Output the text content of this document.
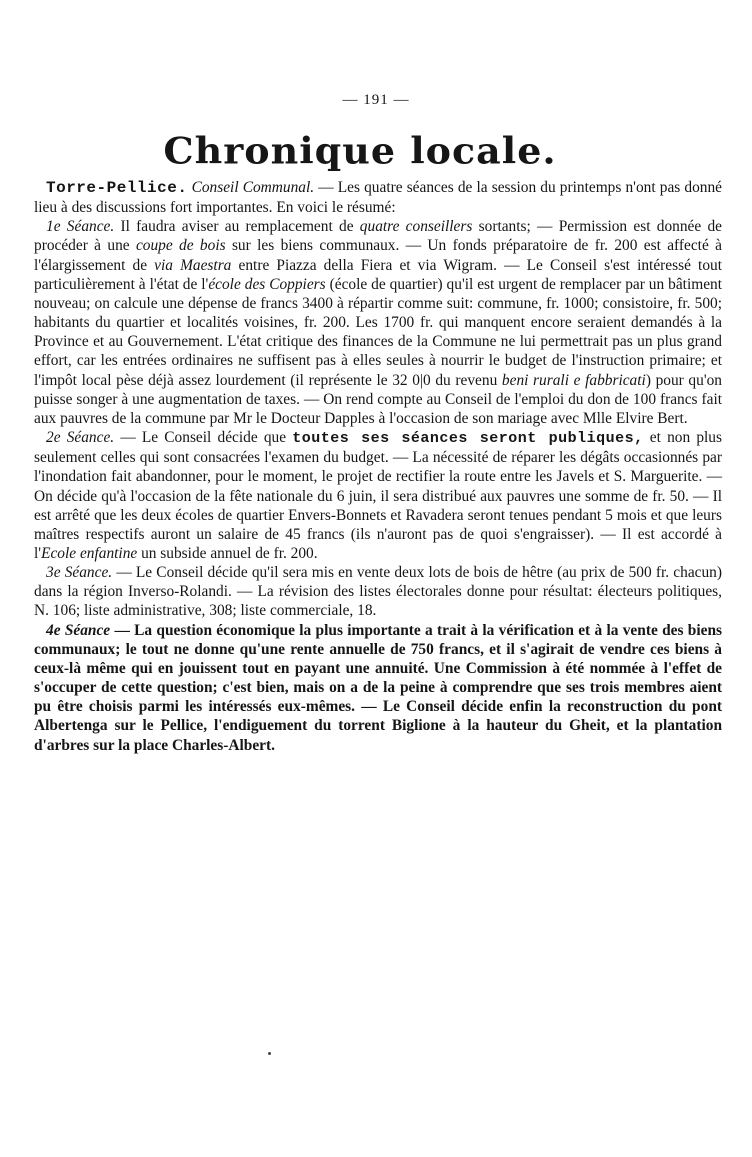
— 191 —
Chronique locale.

Torre-Pellice. Conseil Communal. — Les quatre séances de la session du printemps n'ont pas donné lieu à des discussions fort importantes. En voici le résumé:

1e Séance. Il faudra aviser au remplacement de quatre conseillers sortants; — Permission est donnée de procéder à une coupe de bois sur les biens communaux. — Un fonds préparatoire de fr. 200 est affecté à l'élargissement de via Maestra entre Piazza della Fiera et via Wigram. — Le Conseil s'est intéressé tout particulièrement à l'état de l'école des Coppiers (école de quartier) qu'il est urgent de remplacer par un bâtiment nouveau; on calcule une dépense de francs 3400 à répartir comme suit: commune, fr. 1000; consistoire, fr. 500; habitants du quartier et localités voisines, fr. 200. Les 1700 fr. qui manquent encore seraient demandés à la Province et au Gouvernement. L'état critique des finances de la Commune ne lui permettrait pas un plus grand effort, car les entrées ordinaires ne suffisent pas à elles seules à nourrir le budget de l'instruction primaire; et l'impôt local pèse déjà assez lourdement (il représente le 32 0|0 du revenu beni rurali e fabbricati) pour qu'on puisse songer à une augmentation de taxes. — On rend compte au Conseil de l'emploi du don de 100 francs fait aux pauvres de la commune par Mr le Docteur Dapples à l'occasion de son mariage avec Mlle Elvire Bert.

2e Séance. — Le Conseil décide que toutes ses séances seront publiques, et non plus seulement celles qui sont consacrées l'examen du budget. — La nécessité de réparer les dégâts occasionnés par l'inondation fait abandonner, pour le moment, le projet de rectifier la route entre les Javels et S. Marguerite. — On décide qu'à l'occasion de la fête nationale du 6 juin, il sera distribué aux pauvres une somme de fr. 50. — Il est arrêté que les deux écoles de quartier Envers-Bonnets et Ravadera seront tenues pendant 5 mois et que leurs maîtres respectifs auront un salaire de 45 francs (ils n'auront pas de quoi s'engraisser). — Il est accordé à l'Ecole enfantine un subside annuel de fr. 200.

3e Séance. — Le Conseil décide qu'il sera mis en vente deux lots de bois de hêtre (au prix de 500 fr. chacun) dans la région Inverso-Rolandi. — La révision des listes électorales donne pour résultat: électeurs politiques, N. 106; liste administrative, 308; liste commerciale, 18.

4e Séance — La question économique la plus importante a trait à la vérification et à la vente des biens communaux; le tout ne donne qu'une rente annuelle de 750 francs, et il s'agirait de vendre ces biens à ceux-là même qui en jouissent tout en payant une annuité. Une Commission à été nommée à l'effet de s'occuper de cette question; c'est bien, mais on a de la peine à comprendre que ses trois membres aient pu être choisis parmi les intéressés eux-mêmes. — Le Conseil décide enfin la reconstruction du pont Albertenga sur le Pellice, l'endiguement du torrent Biglione à la hauteur du Gheit, et la plantation d'arbres sur la place Charles-Albert.
